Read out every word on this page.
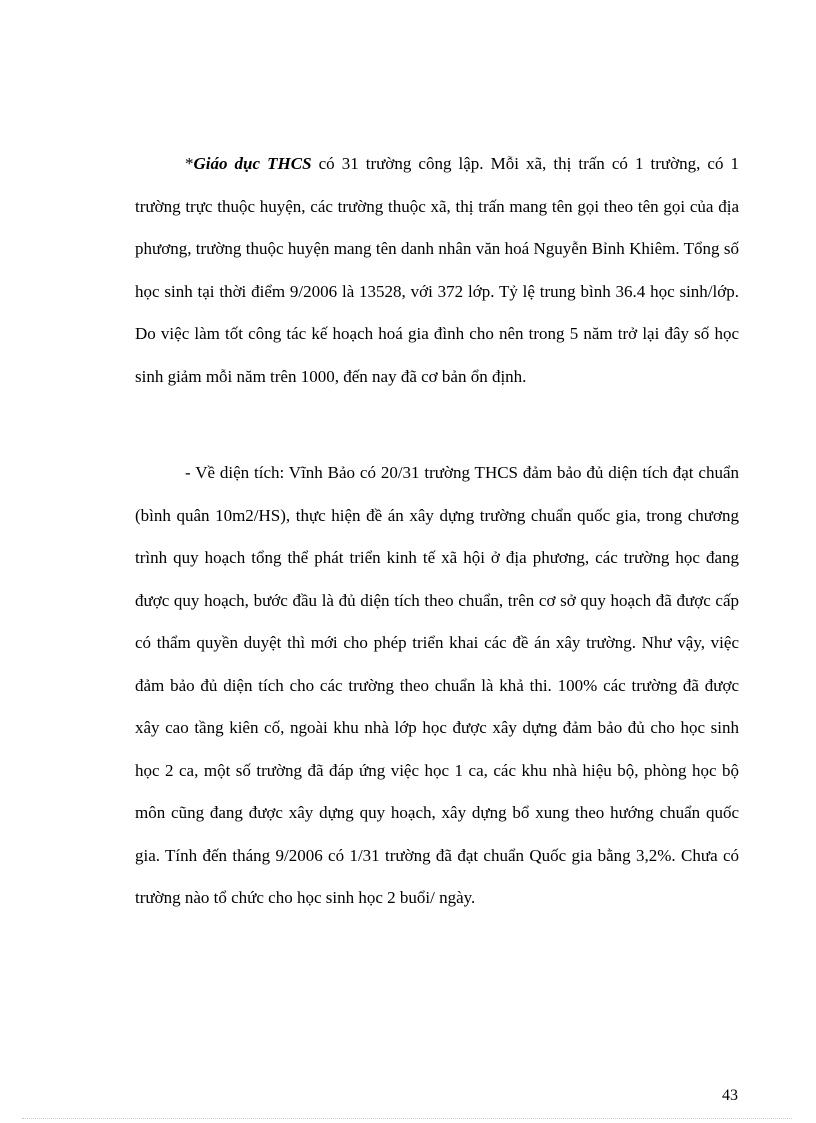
*Giáo dục THCS có 31 trường công lập. Mỗi xã, thị trấn có 1 trường, có 1 trường trực thuộc huyện, các trường thuộc xã, thị trấn mang tên gọi theo tên gọi của địa phương, trường thuộc huyện mang tên danh nhân văn hoá Nguyễn Bỉnh Khiêm. Tổng số học sinh tại thời điểm 9/2006 là 13528, với 372 lớp. Tỷ lệ trung bình 36.4 học sinh/lớp. Do việc làm tốt công tác kế hoạch hoá gia đình cho nên trong 5 năm trở lại đây số học sinh giảm mỗi năm trên 1000, đến nay đã cơ bản ổn định.

- Về diện tích: Vĩnh Bảo có 20/31 trường THCS đảm bảo đủ diện tích đạt chuẩn (bình quân 10m2/HS), thực hiện đề án xây dựng trường chuẩn quốc gia, trong chương trình quy hoạch tổng thể phát triển kinh tế xã hội ở địa phương, các trường học đang được quy hoạch, bước đầu là đủ diện tích theo chuẩn, trên cơ sở quy hoạch đã được cấp có thẩm quyền duyệt thì mới cho phép triển khai các đề án xây trường. Như vậy, việc đảm bảo đủ diện tích cho các trường theo chuẩn là khả thi. 100% các trường đã được xây cao tầng kiên cố, ngoài khu nhà lớp học được xây dựng đảm bảo đủ cho học sinh học 2 ca, một số trường đã đáp ứng việc học 1 ca, các khu nhà hiệu bộ, phòng học bộ môn cũng đang được xây dựng quy hoạch, xây dựng bổ xung theo hướng chuẩn quốc gia. Tính đến tháng 9/2006 có 1/31 trường đã đạt chuẩn Quốc gia bằng 3,2%. Chưa có trường nào tổ chức cho học sinh học 2 buổi/ ngày.

43
